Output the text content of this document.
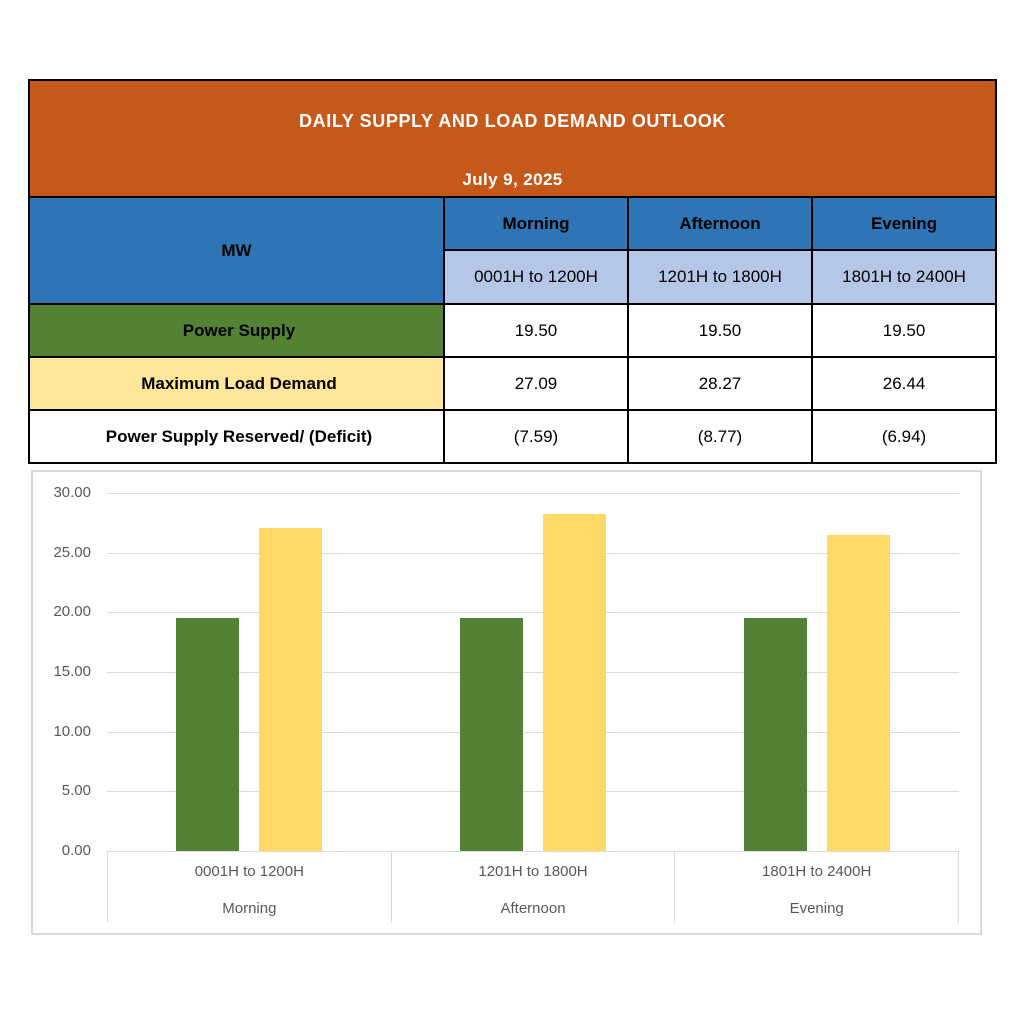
DAILY SUPPLY AND LOAD DEMAND OUTLOOK
July 9, 2025			

MW	Morning	Afternoon	Evening
	0001H to 1200H	1201H to 1800H	1801H to 2400H
Power Supply	19.50	19.50	19.50
Maximum Load Demand	27.09	28.27	26.44
Power Supply Reserved/ (Deficit)	(7.59)	(8.77)	(6.94)
30.00
25.00
20.00
15.00
10.00
5.00
0.00
0001H to 1200H
Morning
1201H to 1800H
Afternoon
1801H to 2400H
Evening
